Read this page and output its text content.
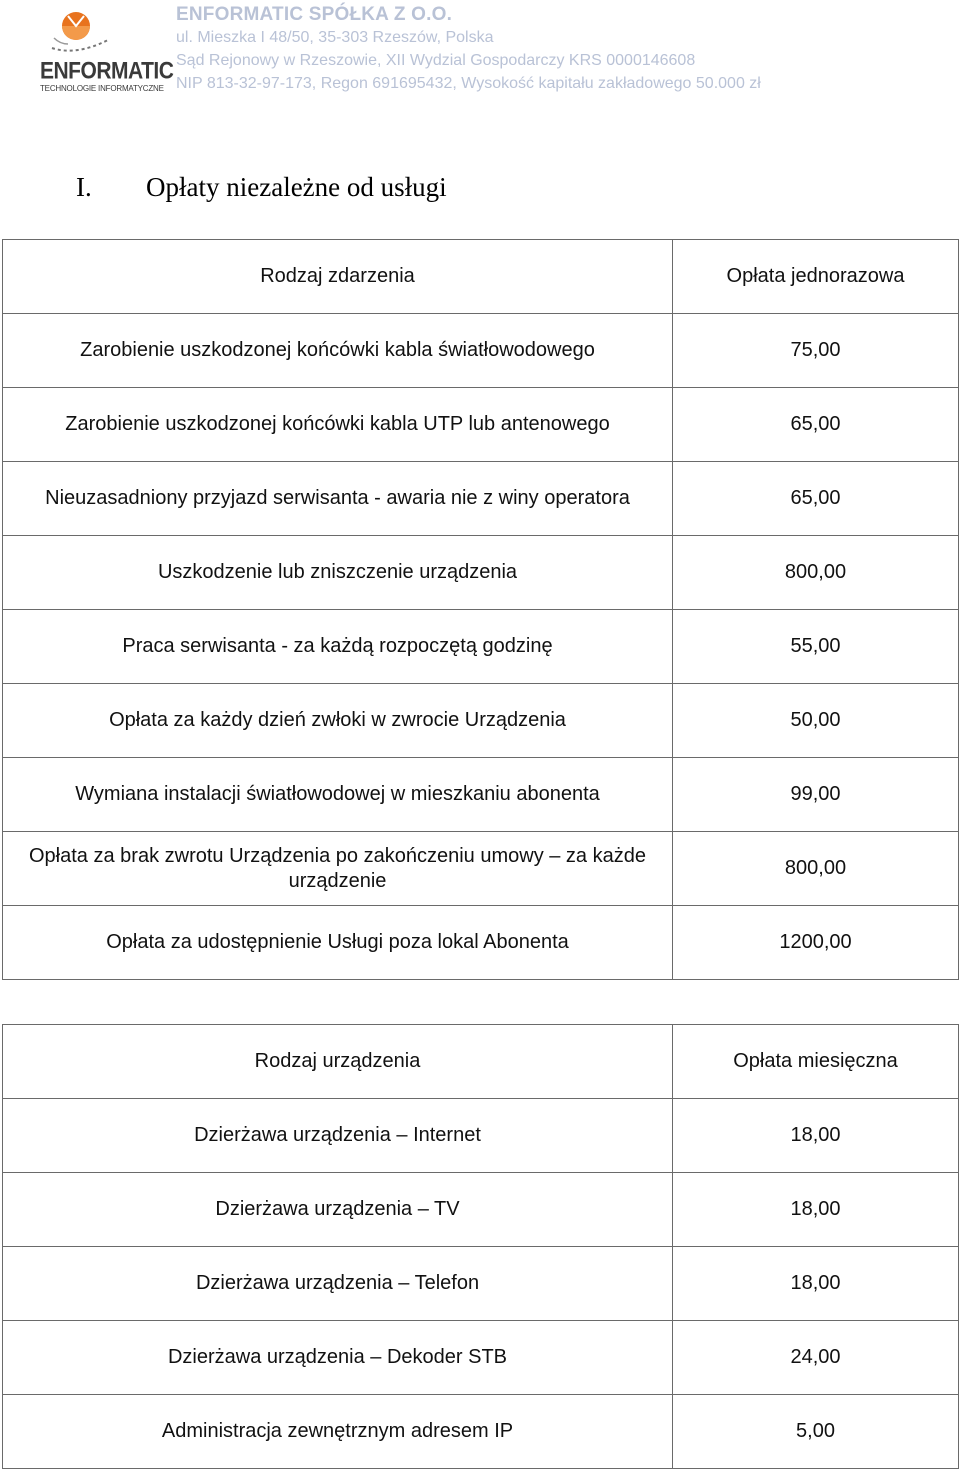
ENFORMATIC
TECHNOLOGIE INFORMATYCZNE
ENFORMATIC SPÓŁKA Z O.O.
ul. Mieszka I 48/50, 35-303 Rzeszów, Polska
Sąd Rejonowy w Rzeszowie, XII Wydzial Gospodarczy KRS 0000146608
NIP 813-32-97-173, Regon 691695432, Wysokość kapitału zakładowego 50.000 zł
I. Opłaty niezależne od usługi
Rodzaj zdarzenia	Opłata jednorazowa
Zarobienie uszkodzonej końcówki kabla światłowodowego	75,00
Zarobienie uszkodzonej końcówki kabla UTP lub antenowego	65,00
Nieuzasadniony przyjazd serwisanta - awaria nie z winy operatora	65,00
Uszkodzenie lub zniszczenie urządzenia	800,00
Praca serwisanta - za każdą rozpoczętą godzinę	55,00
Opłata za każdy dzień zwłoki w zwrocie Urządzenia	50,00
Wymiana instalacji światłowodowej w mieszkaniu abonenta	99,00
Opłata za brak zwrotu Urządzenia po zakończeniu umowy – za każde urządzenie	800,00
Opłata za udostępnienie Usługi poza lokal Abonenta	1200,00
Rodzaj urządzenia	Opłata miesięczna
Dzierżawa urządzenia – Internet	18,00
Dzierżawa urządzenia – TV	18,00
Dzierżawa urządzenia – Telefon	18,00
Dzierżawa urządzenia – Dekoder STB	24,00
Administracja zewnętrznym adresem IP	5,00
